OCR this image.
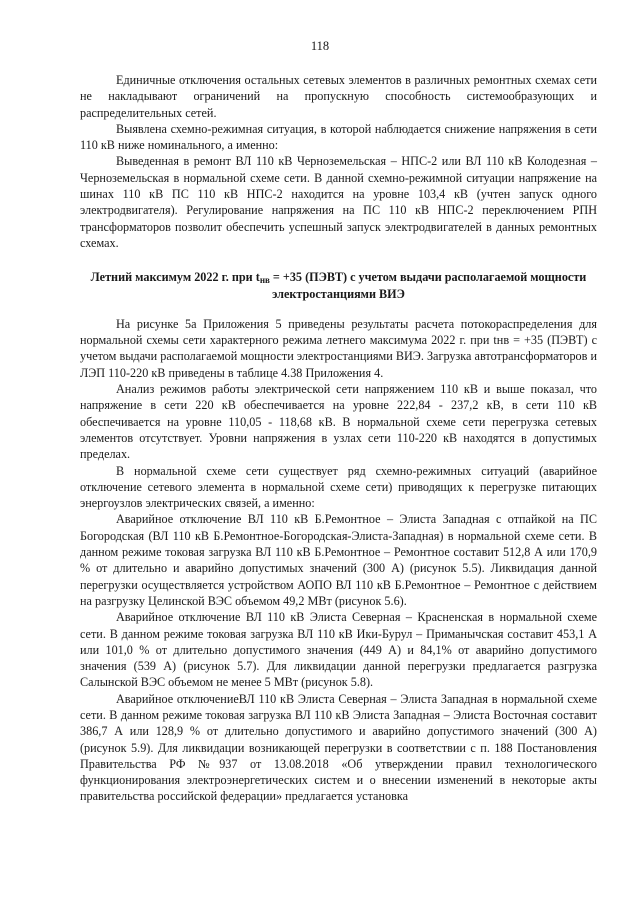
118

Единичные отключения остальных сетевых элементов в различных ремонтных схемах сети не накладывают ограничений на пропускную способность системообразующих и распределительных сетей.

Выявлена схемно-режимная ситуация, в которой наблюдается снижение напряжения в сети 110 кВ ниже номинального, а именно:

Выведенная в ремонт ВЛ 110 кВ Черноземельская – НПС-2 или ВЛ 110 кВ Колодезная – Черноземельская в нормальной схеме сети. В данной схемно-режимной ситуации напряжение на шинах 110 кВ ПС 110 кВ НПС-2 находится на уровне 103,4 кВ (учтен запуск одного электродвигателя). Регулирование напряжения на ПС 110 кВ НПС-2 переключением РПН трансформаторов позволит обеспечить успешный запуск электродвигателей в данных ремонтных схемах.

Летний максимум 2022 г. при $t_{нв} = +35$ (ПЭВТ) с учетом выдачи располагаемой мощности электростанциями ВИЭ

На рисунке 5а Приложения 5 приведены результаты расчета потокораспределения для нормальной схемы сети характерного режима летнего максимума 2022 г. при tнв = +35 (ПЭВТ) с учетом выдачи располагаемой мощности электростанциями ВИЭ. Загрузка автотрансформаторов и ЛЭП 110-220 кВ приведены в таблице 4.38 Приложения 4.

Анализ режимов работы электрической сети напряжением 110 кВ и выше показал, что напряжение в сети 220 кВ обеспечивается на уровне 222,84 - 237,2 кВ, в сети 110 кВ обеспечивается на уровне 110,05 - 118,68 кВ. В нормальной схеме сети перегрузка сетевых элементов отсутствует. Уровни напряжения в узлах сети 110-220 кВ находятся в допустимых пределах.

В нормальной схеме сети существует ряд схемно-режимных ситуаций (аварийное отключение сетевого элемента в нормальной схеме сети) приводящих к перегрузке питающих энергоузлов электрических связей, а именно:

Аварийное отключение ВЛ 110 кВ Б.Ремонтное – Элиста Западная с отпайкой на ПС Богородская (ВЛ 110 кВ Б.Ремонтное-Богородская-Элиста-Западная) в нормальной схеме сети. В данном режиме токовая загрузка ВЛ 110 кВ Б.Ремонтное – Ремонтное составит 512,8 А или 170,9 % от длительно и аварийно допустимых значений (300 А) (рисунок 5.5). Ликвидация данной перегрузки осуществляется устройством АОПО ВЛ 110 кВ Б.Ремонтное – Ремонтное с действием на разгрузку Целинской ВЭС объемом 49,2 МВт (рисунок 5.6).

Аварийное отключение ВЛ 110 кВ Элиста Северная – Красненская в нормальной схеме сети. В данном режиме токовая загрузка ВЛ 110 кВ Ики-Бурул – Приманычская составит 453,1 А или 101,0 % от длительно допустимого значения (449 А) и 84,1% от аварийно допустимого значения (539 А) (рисунок 5.7). Для ликвидации данной перегрузки предлагается разгрузка Салынской ВЭС объемом не менее 5 МВт (рисунок 5.8).

Аварийное отключениеВЛ 110 кВ Элиста Северная – Элиста Западная в нормальной схеме сети. В данном режиме токовая загрузка ВЛ 110 кВ Элиста Западная – Элиста Восточная составит 386,7 А или 128,9 % от длительно допустимого и аварийно допустимого значений (300 А) (рисунок 5.9). Для ликвидации возникающей перегрузки в соответствии с п. 188 Постановления Правительства РФ №937 от 13.08.2018 «Об утверждении правил технологического функционирования электроэнергетических систем и о внесении изменений в некоторые акты правительства российской федерации» предлагается установка
